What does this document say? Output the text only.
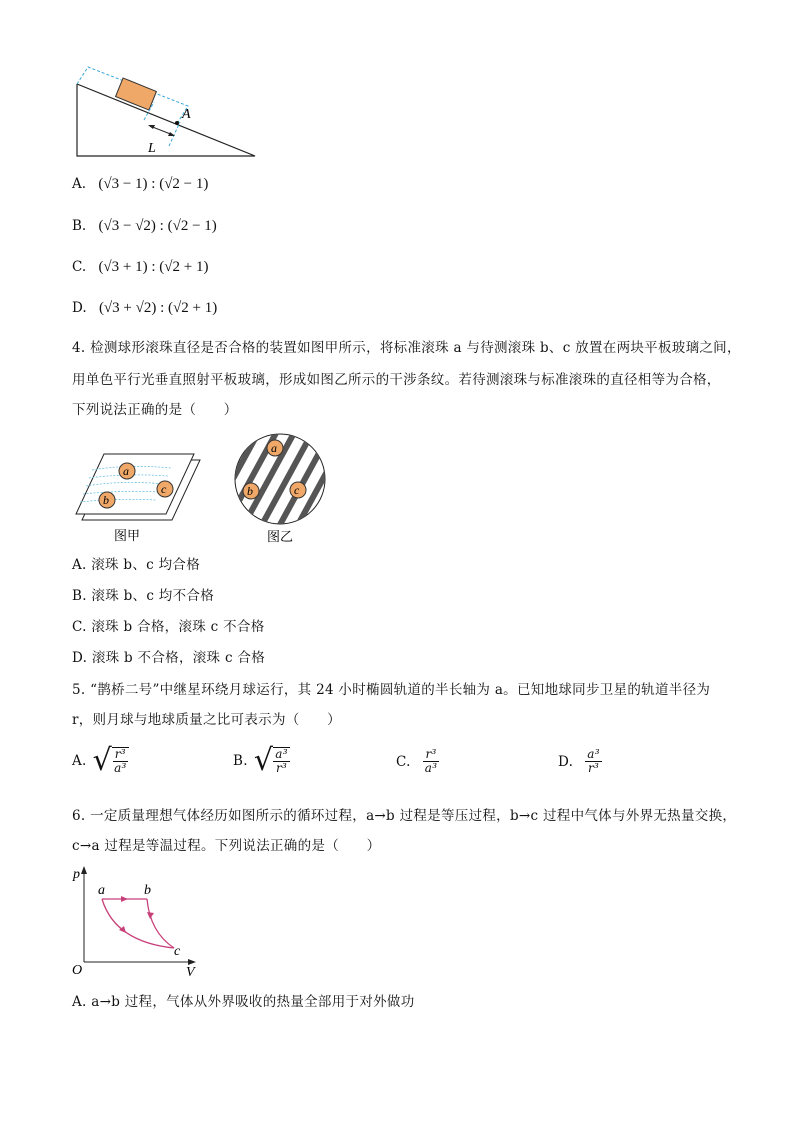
A
L
A. (√3 − 1) : (√2 − 1)
B. (√3 − √2) : (√2 − 1)
C. (√3 + 1) : (√2 + 1)
D. (√3 + √2) : (√2 + 1)
4. 检测球形滚珠直径是否合格的装置如图甲所示，将标准滚珠 a 与待测滚珠 b、c 放置在两块平板玻璃之间，
用单色平行光垂直照射平板玻璃，形成如图乙所示的干涉条纹。若待测滚珠与标准滚珠的直径相等为合格，
下列说法正确的是（　　）
a
c
b
图甲
a
b	c
图乙
A. 滚珠 b、c 均合格
B. 滚珠 b、c 均不合格
C. 滚珠 b 合格，滚珠 c 不合格
D. 滚珠 b 不合格，滚珠 c 合格
5. “鹊桥二号”中继星环绕月球运行，其 24 小时椭圆轨道的半长轴为 a。已知地球同步卫星的轨道半径为
r，则月球与地球质量之比可表示为（　　）
A. √ $\frac{\text{r³}}{\text{a³}}$	B. √ $\frac{\text{a³}}{\text{r³}}$	C. $\frac{\text{r³}}{\text{a³}}$	D. $\frac{\text{a³}}{\text{r³}}$
6. 一定质量理想气体经历如图所示的循环过程，a→b 过程是等压过程，b→c 过程中气体与外界无热量交换，
c→a 过程是等温过程。下列说法正确的是（　　）
p
V
O
a	b
c
A. a→b 过程，气体从外界吸收的热量全部用于对外做功
